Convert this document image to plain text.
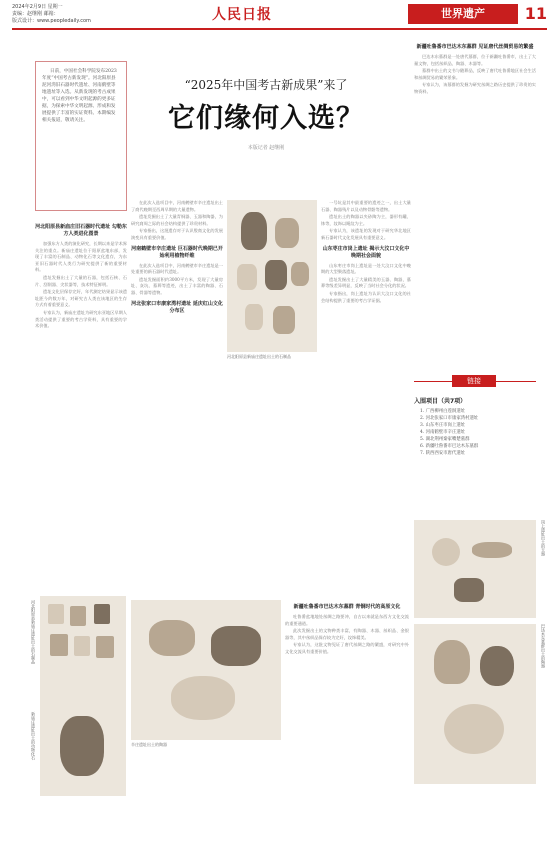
2024年2月9日 星期一
责编：赵继刚 邮箱：
版式设计：www.peopledaily.com	人民日报	世界遗产	11

日前，中国社会科学院发布2023年度“中国考古新发现”。河北阳原县泥河湾旧石器时代遗址、河南鹤壁等地遗址等入选。从新发现的考古成果中，可以看到中华文明起源的更多证据，为探索中华文明起源、形成和发展提供了丰富的实证资料。本期编发相关报道，敬请关注。

“2025年中国考古新成果”来了
它们缘何入选？
本版记者 赵继刚
新疆吐鲁番市巴达木东墓群 见证唐代丝绸贸易的繁盛

巴达木东墓群是一处唐代墓群，位于新疆吐鲁番市，出土了大量文物，包括丝织品、陶器、木器等。

墓群中出土的文书与随葬品，反映了唐代吐鲁番地区社会生活和丝绸贸易的繁荣景象。

专家认为，该墓群的发掘为研究丝绸之路历史提供了珍贵的实物资料。

河北阳原县新庙庄旧石器时代遗址 勾勒东方人类进化图景

加强东方人类的演化研究，长期以来是学术界关注的重点。新庙庄遗址位于阳原盆地东部，发现了丰富的石制品、动物化石等文化遗存，为东亚旧石器时代人类行为研究提供了新的重要材料。

遗址发掘出土了大量的石器，包括石核、石片、刮削器、尖状器等，技术特征鲜明。

遗址文化层保存完好，年代测定结果显示该遗址距今约数万年，对研究古人类在该地区的生存方式有着重要意义。

专家认为，新庙庄遗址为研究东亚地区早期人类活动提供了重要的考古学资料，具有重要的学术价值。

在此次入选项目中，河南鹤壁市辛庄遗址出土了商代晚期至西周早期的大量遗物。

遗址发掘出土了大量青铜器、玉器和陶器，为研究商周之际的社会结构提供了珍贵材料。

专家指出，这批遗存对于认识殷商文化的发展演变具有重要价值。

河南鹤壁市辛庄遗址 巨石器时代晚期已开始利用植物纤维

在此次入选项目中，河南鹤壁市辛庄遗址是一处重要的新石器时代遗址。

遗址发掘面积约3000平方米，发现了大量房址、灰坑、墓葬等遗迹，出土了丰富的陶器、石器、骨器等遗物。

河北张家口市康家湾村遗址 延庆红山文化分布区
河北阳原县新庙庄遗址出土的石制品

一号坑是其中最重要的遗迹之一，出土大量石器、陶器残片以及动物骨骼等遗物。

遗址出土的陶器以夹砂陶为主，器形有罐、钵等，纹饰以绳纹为主。

专家认为，该遗址的发现对于研究华北地区新石器时代文化发展具有重要意义。

山东枣庄市岗上遗址 揭示大汶口文化中晚期社会面貌

山东枣庄市岗上遗址是一处大汶口文化中晚期的大型聚落遗址。

遗址发掘出土了大量精美的玉器、陶器，墓葬等级差异明显，反映了当时社会分化的状况。

专家指出，岗上遗址为认识大汶口文化的社会结构提供了重要的考古学证据。

链接
入围项目（共7项）
1. 广西柳州白莲洞遗址
2. 河北张家口市康家湾村遗址
3. 山东枣庄市岗上遗址
4. 河南鹤壁市辛庄遗址
5. 湖北荆州秦家嘴楚墓群
6. 新疆吐鲁番市巴达木东墓群
7. 陕西西安市唐代遗址
岗上遗址出土的玉器
巴达木东墓群出土的陶器
河北阳原县新庙庄遗址出土的石制品
新庙庄遗址出土的动物化石	辛庄遗址出土的陶器
新疆吐鲁番市巴达木东墓群 青铜时代的高原文化

吐鲁番盆地地处丝绸之路要冲，自古以来就是东西方文化交流的重要通道。

此次发掘出土的文物种类丰富，有陶器、木器、丝织品、金银器等，其中丝织品保存较为完好，纹饰精美。

专家认为，这批文物见证了唐代丝绸之路的繁盛，对研究中外文化交流具有重要价值。
